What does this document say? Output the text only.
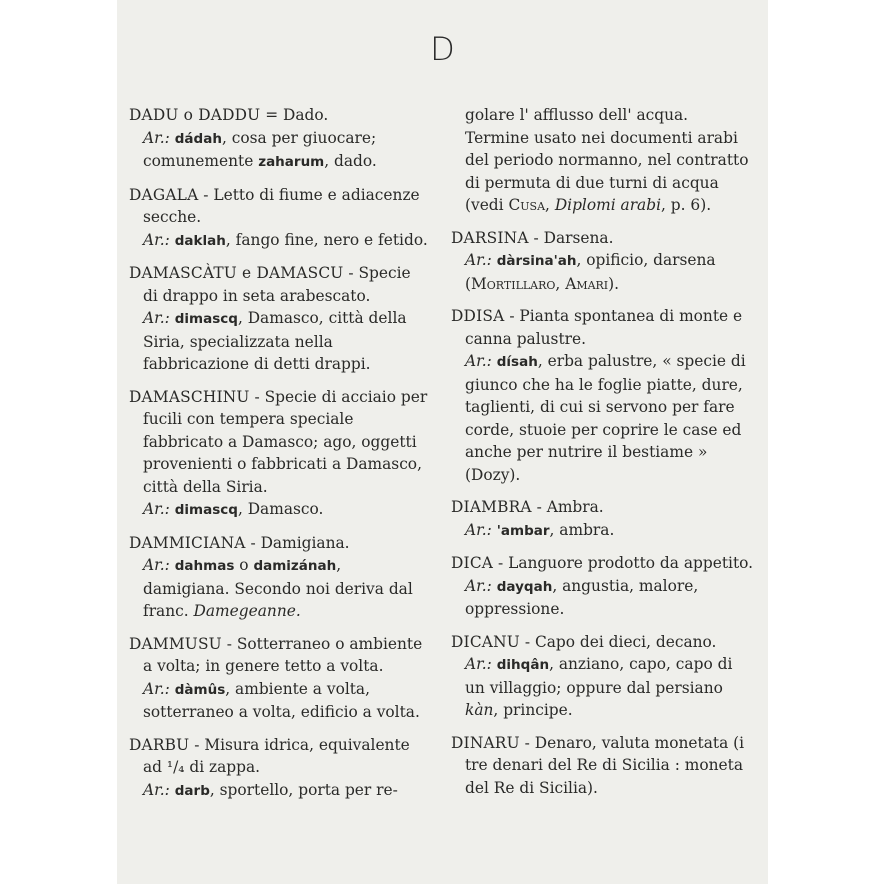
D

DADU o DADDU = Dado.

Ar.: dádah, cosa per giuocare; comunemente zaharum, dado.

DAGALA - Letto di fiume e adiacenze secche.

Ar.: daklah, fango fine, nero e fetido.

DAMASCÀTU e DAMASCU - Specie di drappo in seta arabescato.

Ar.: dimascq, Damasco, città della Siria, specializzata nella fabbricazione di detti drappi.

DAMASCHINU - Specie di acciaio per fucili con tempera speciale fabbricato a Damasco; ago, oggetti provenienti o fabbricati a Damasco, città della Siria.

Ar.: dimascq, Damasco.

DAMMICIANA - Damigiana.

Ar.: dahmas o damizánah, damigiana. Secondo noi deriva dal franc. Damegeanne.

DAMMUSU - Sotterraneo o ambiente a volta; in genere tetto a volta.

Ar.: dàmûs, ambiente a volta, sotterraneo a volta, edificio a volta.

DARBU - Misura idrica, equivalente ad ¹/₄ di zappa.

Ar.: darb, sportello, porta per re-

golare l' afflusso dell' acqua. Termine usato nei documenti arabi del periodo normanno, nel contratto di permuta di due turni di acqua (vedi Cusa, Diplomi arabi, p. 6).

DARSINA - Darsena.

Ar.: dàrsina'ah, opificio, darsena (Mortillaro, Amari).

DDISA - Pianta spontanea di monte e canna palustre.

Ar.: dísah, erba palustre, « specie di giunco che ha le foglie piatte, dure, taglienti, di cui si servono per fare corde, stuoie per coprire le case ed anche per nutrire il bestiame » (Dozy).

DIAMBRA - Ambra.

Ar.: 'ambar, ambra.

DICA - Languore prodotto da appetito.

Ar.: dayqah, angustia, malore, oppressione.

DICANU - Capo dei dieci, decano.

Ar.: dihqân, anziano, capo, capo di un villaggio; oppure dal persiano kàn, principe.

DINARU - Denaro, valuta monetata (i tre denari del Re di Sicilia : moneta del Re di Sicilia).
